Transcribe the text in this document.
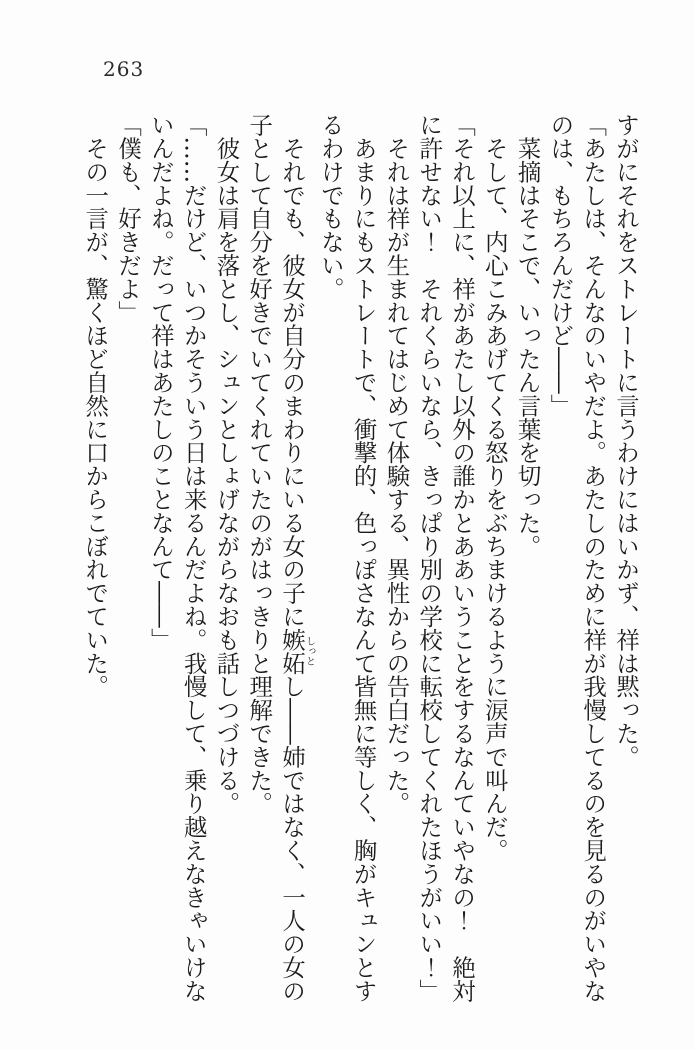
263

すがにそれをストレートに言うわけにはいかず、祥は黙った。

「あたしは、そんなのいやだよ。あたしのために祥が我慢してるのを見るのがいやなのは、もちろんだけど――」

　菜摘はそこで、いったん言葉を切った。

　そして、内心こみあげてくる怒りをぶちまけるように涙声で叫んだ。

「それ以上に、祥があたし以外の誰かとああいうことをするなんていやなの！　絶対に許せない！　それくらいなら、きっぱり別の学校に転校してくれたほうがいい！」

　それは祥が生まれてはじめて体験する、異性からの告白だった。

　あまりにもストレートで、衝撃的、色っぽさなんて皆無に等しく、胸がキュンとするわけでもない。

　それでも、彼女が自分のまわりにいる女の子に嫉妬しっとし――姉ではなく、一人の女の子として自分を好きでいてくれていたのがはっきりと理解できた。

　彼女は肩を落とし、シュンとしょげながらなおも話しつづける。

「……だけど、いつかそういう日は来るんだよね。我慢して、乗り越えなきゃいけないんだよね。だって祥はあたしのことなんて――」

「僕も、好きだよ」

　その一言が、驚くほど自然に口からこぼれでていた。
